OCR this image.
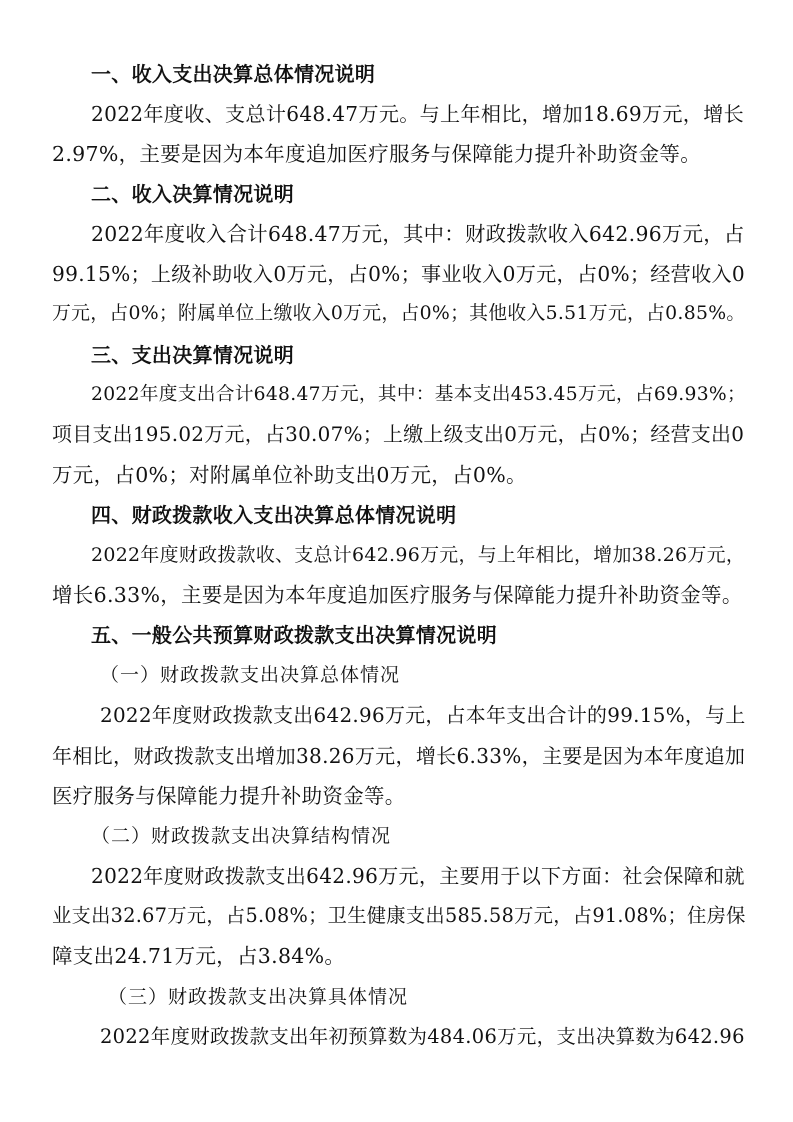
一、收入支出决算总体情况说明
2022年度收、支总计648.47万元。与上年相比，增加18.69万元，增长
2.97%，主要是因为本年度追加医疗服务与保障能力提升补助资金等。
二、收入决算情况说明
2022年度收入合计648.47万元，其中：财政拨款收入642.96万元，占
99.15%；上级补助收入0万元，占0%；事业收入0万元，占0%；经营收入0
万元，占0%；附属单位上缴收入0万元，占0%；其他收入5.51万元，占0.85%。
三、支出决算情况说明
2022年度支出合计648.47万元，其中：基本支出453.45万元，占69.93%；
项目支出195.02万元，占30.07%；上缴上级支出0万元，占0%；经营支出0
万元，占0%；对附属单位补助支出0万元，占0%。
四、财政拨款收入支出决算总体情况说明
2022年度财政拨款收、支总计642.96万元，与上年相比，增加38.26万元，
增长6.33%，主要是因为本年度追加医疗服务与保障能力提升补助资金等。
五、一般公共预算财政拨款支出决算情况说明
（一）财政拨款支出决算总体情况
2022年度财政拨款支出642.96万元，占本年支出合计的99.15%，与上
年相比，财政拨款支出增加38.26万元，增长6.33%，主要是因为本年度追加
医疗服务与保障能力提升补助资金等。
（二）财政拨款支出决算结构情况
2022年度财政拨款支出642.96万元，主要用于以下方面：社会保障和就
业支出32.67万元，占5.08%；卫生健康支出585.58万元，占91.08%；住房保
障支出24.71万元，占3.84%。
（三）财政拨款支出决算具体情况
2022年度财政拨款支出年初预算数为484.06万元，支出决算数为642.96
